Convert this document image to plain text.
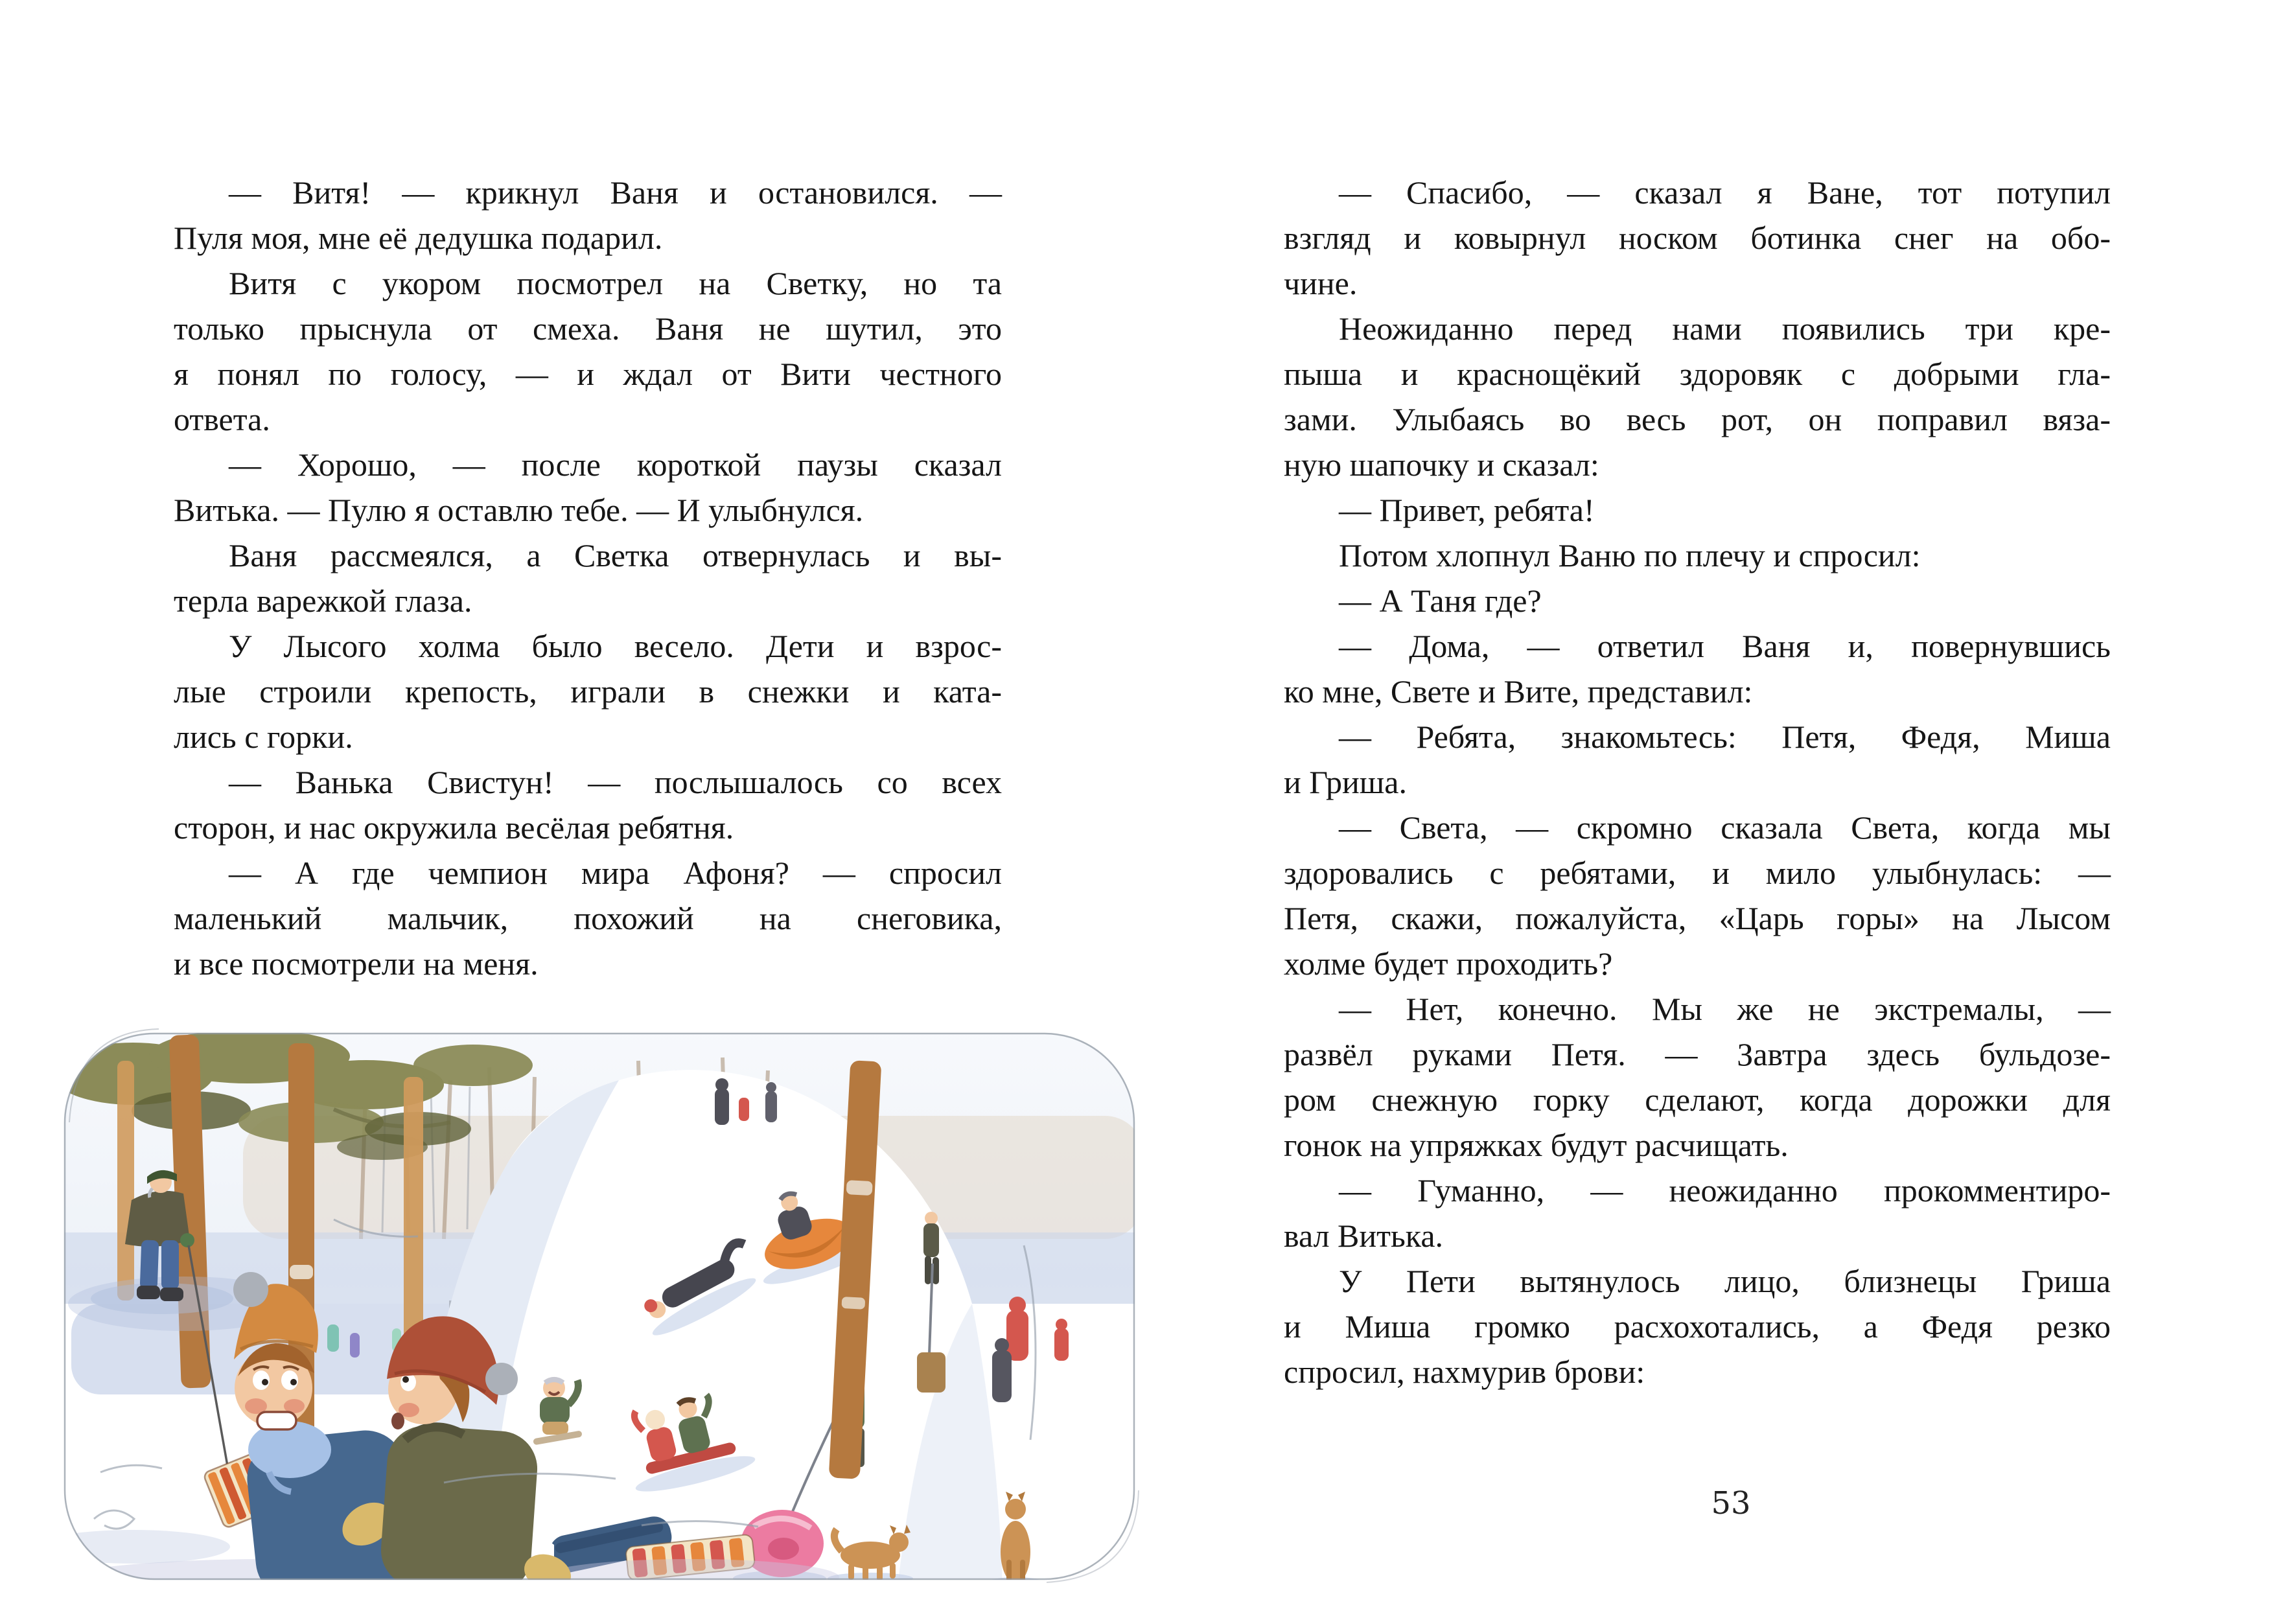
— Витя! — крикнул Ваня и остановился. —
Пуля моя, мне её дедушка подарил.
Витя с укором посмотрел на Светку, но та
только прыснула от смеха. Ваня не шутил, это
я понял по голосу, — и ждал от Вити честного
ответа.
— Хорошо, — после короткой паузы сказал
Витька. — Пулю я оставлю тебе. — И улыбнулся.
Ваня рассмеялся, а Светка отвернулась и вы-
терла варежкой глаза.
У Лысого холма было весело. Дети и взрос-
лые строили крепость, играли в снежки и ката-
лись с горки.
— Ванька Свистун! — послышалось со всех
сторон, и нас окружила весёлая ребятня.
— А где чемпион мира Афоня? — спросил
маленький мальчик, похожий на снеговика,
и все посмотрели на меня.
— Спасибо, — сказал я Ване, тот потупил
взгляд и ковырнул носком ботинка снег на обо-
чине.
Неожиданно перед нами появились три кре-
пыша и краснощёкий здоровяк с добрыми гла-
зами. Улыбаясь во весь рот, он поправил вяза-
ную шапочку и сказал:
— Привет, ребята!
Потом хлопнул Ваню по плечу и спросил:
— А Таня где?
— Дома, — ответил Ваня и, повернувшись
ко мне, Свете и Вите, представил:
— Ребята, знакомьтесь: Петя, Федя, Миша
и Гриша.
— Света, — скромно сказала Света, когда мы
здоровались с ребятами, и мило улыбнулась: —
Петя, скажи, пожалуйста, «Царь горы» на Лысом
холме будет проходить?
— Нет, конечно. Мы же не экстремалы, —
развёл руками Петя. — Завтра здесь бульдозе-
ром снежную горку сделают, когда дорожки для
гонок на упряжках будут расчищать.
— Гуманно, — неожиданно прокомментиро-
вал Витька.
У Пети вытянулось лицо, близнецы Гриша
и Миша громко расхохотались, а Федя резко
спросил, нахмурив брови:
53
